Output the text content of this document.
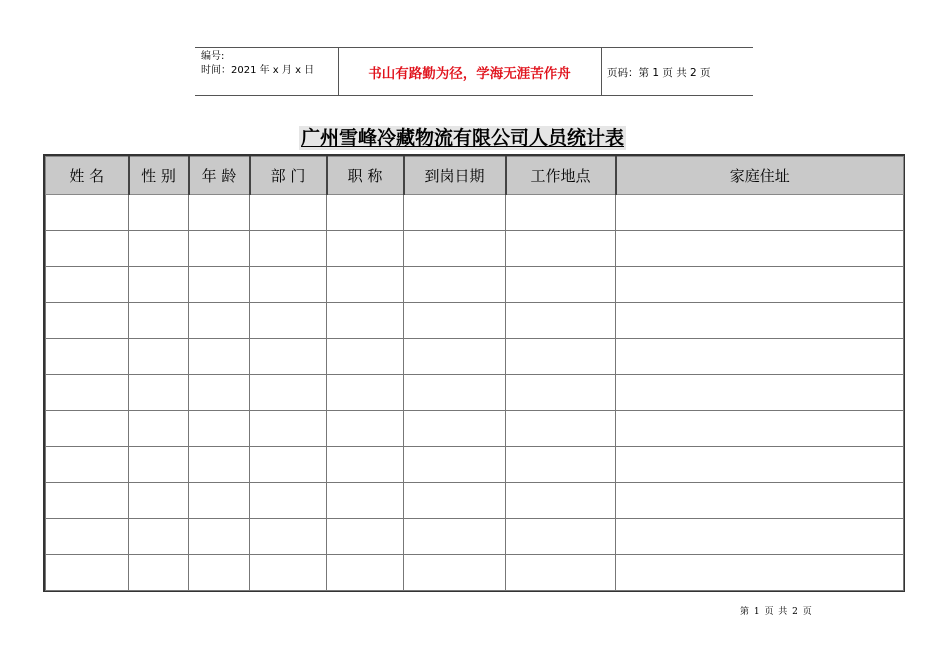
编号:
时间：2021 年 x 月 x 日	书山有路勤为径，学海无涯苦作舟	页码：第 1 页 共 2 页
广州雪峰冷藏物流有限公司人员统计表
姓 名	性 别	年 龄	部 门	职 称	到岗日期	工作地点	家庭住址

第 1 页 共 2 页
